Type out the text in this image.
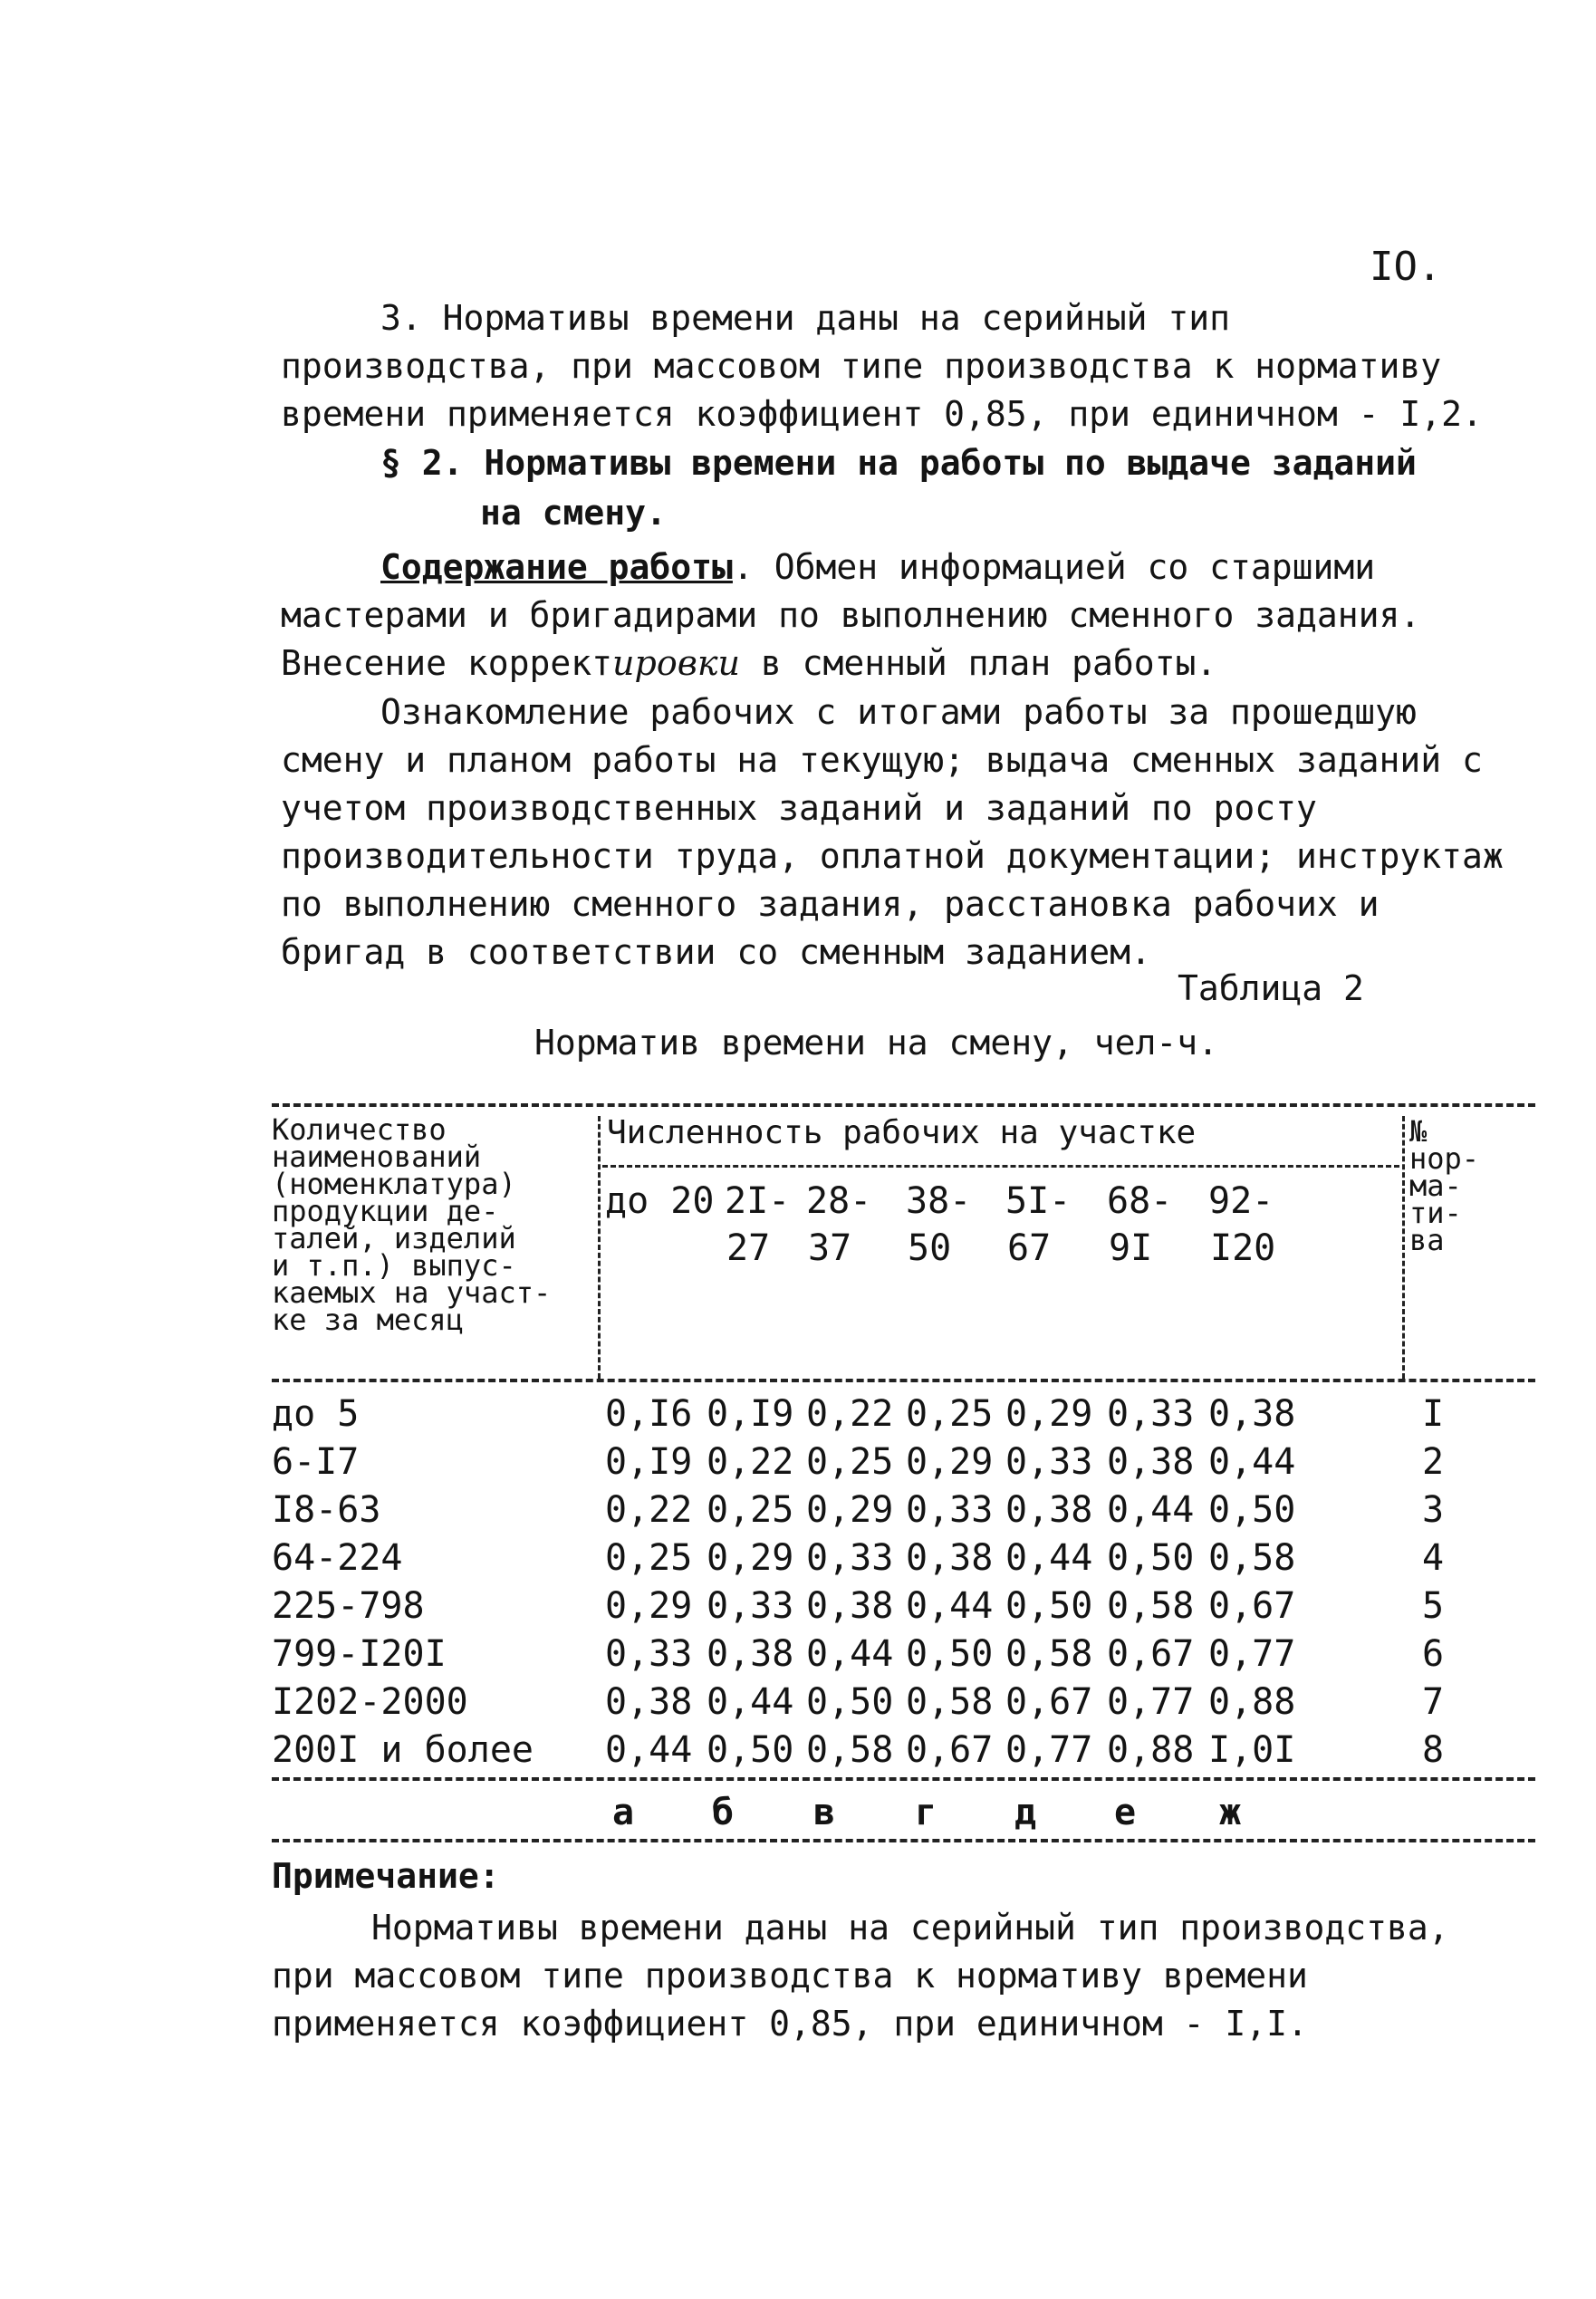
IO.
3. Нормативы времени даны на серийный тип производства, при массовом типе производства к нормативу времени применяется коэффициент 0,85, при единичном - I,2.
§ 2. Нормативы времени на работы по выдаче заданий
на смену.
Содержание работы. Обмен информацией со старшими мастерами и бригадирами по выполнению сменного задания. Внесение корректировки в сменный план работы.
Ознакомление рабочих с итогами работы за прошедшую смену и планом работы на текущую; выдача сменных заданий с учетом производственных заданий и заданий по росту производительности труда, оплатной документации; инструктаж по выполнению сменного задания, расстановка рабочих и бригад в соответствии со сменным заданием.
Таблица 2
Норматив времени на смену, чел-ч.
Количество
наименований
(номенклатура)
продукции де-
талей, изделий
и т.п.) выпус-
каемых на участ-
ке за месяц
Численность рабочих на участке
до 20 2I- 28- 38- 5I- 68- 92-
27 37 50 67 9I I20
№
нор-
ма-
ти-
ва
до 5	0,I6 0,I9 0,22 0,25 0,29 0,33 0,38	I
6-I7	0,I9 0,22 0,25 0,29 0,33 0,38 0,44	2
I8-63	0,22 0,25 0,29 0,33 0,38 0,44 0,50	3
64-224	0,25 0,29 0,33 0,38 0,44 0,50 0,58	4
225-798	0,29 0,33 0,38 0,44 0,50 0,58 0,67	5
799-I20I	0,33 0,38 0,44 0,50 0,58 0,67 0,77	6
I202-2000	0,38 0,44 0,50 0,58 0,67 0,77 0,88	7
200I и более 0,44 0,50 0,58 0,67 0,77 0,88 I,0I	8
а б в г д е ж
Примечание:
Нормативы времени даны на серийный тип производства, при массовом типе производства к нормативу времени применяется коэффициент 0,85, при единичном - I,I.
